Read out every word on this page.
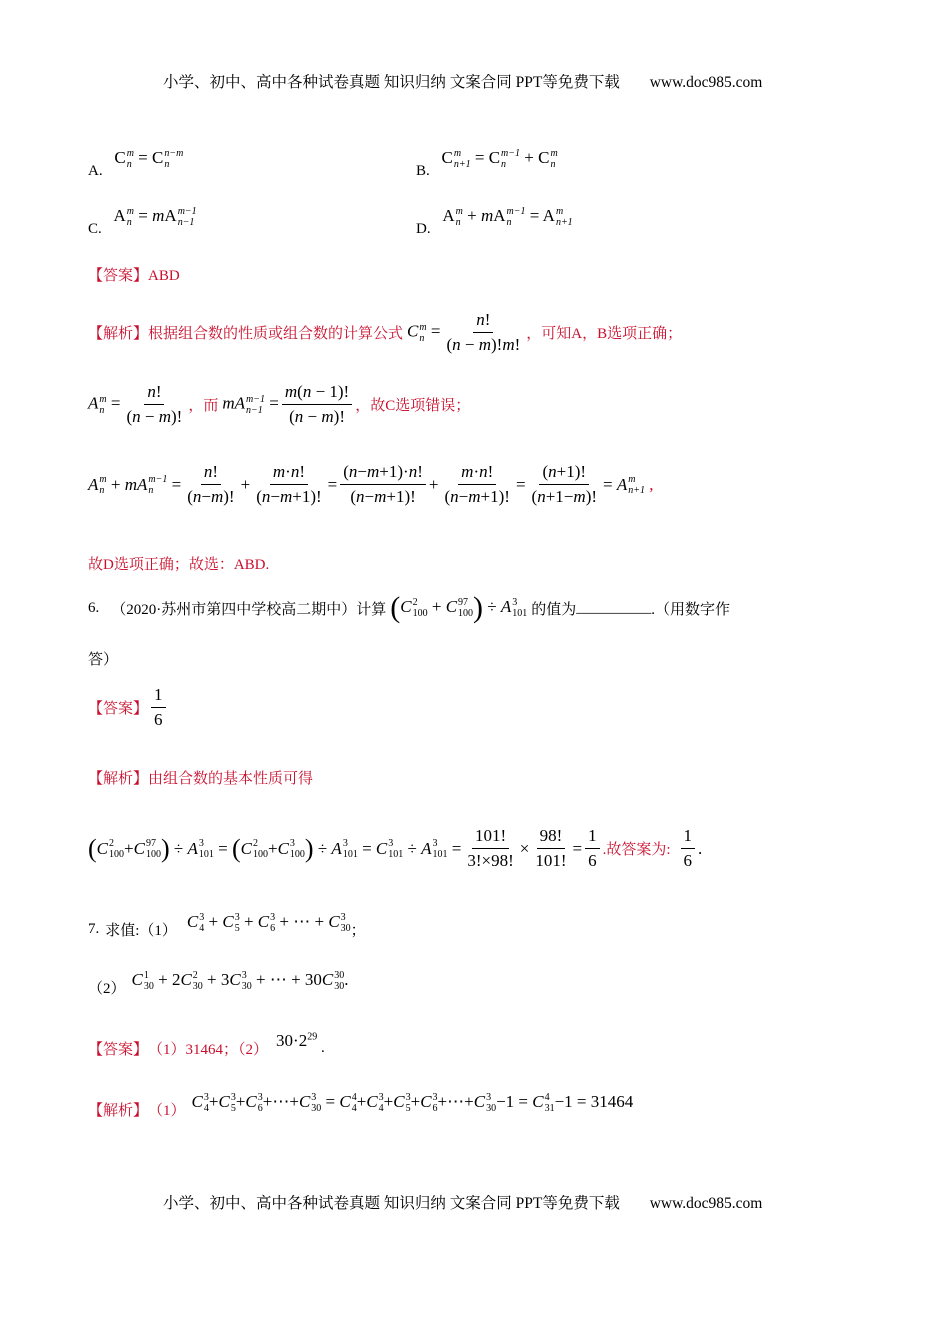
小学、初中、高中各种试卷真题 知识归纳 文案合同 PPT等免费下载 www.doc985.com
A. C m
n = C n−m
n	B. C m
n+1 = C m−1
n + C m
n
C. A m
n = mA m−1
n−1	D. A m
n + mA m−1
n = A m
n+1
【答案】ABD
【解析】 根据组合数的性质或组合数的计算公式 C m
$n = \frac{n!}{(n - m)!m!}$ ，可知A，B选项正确；
A m
$n = \frac{n!}{(n - m)!}$ ，而 mA m−1
$n-1 = \frac{m(n - 1)!}{(n - m)!}$ ，故C选项错误；
A m
n + mA m−1
$n = \frac{n!}{(n-m)!} + \frac{m\cdot n!}{(n-m+1)!} = \frac{(n-m+1)\cdot n!}{(n-m+1)!} + \frac{m\cdot n!}{(n-m+1)!} = \frac{(n+1)!}{(n+1-m)!} = A$ m
n+1 ,
故D选项正确；故选：ABD.
6. （2020·苏州市第四中学校高二期中）计算 (C 2
100 + C 97
100 ) ÷ A 3
101 的值为 __________ .（用数字作
答）
【答案】 $\frac{1}{6}$
【解析】由组合数的基本性质可得
( C 2
100 + C 97
100 ) ÷ A 3
101 = ( C 2
100 + C 3
100 ) ÷ A 3
101 = C 3
101 ÷ A 3
$101 = \frac{101!}{3!\times 98!} \times \frac{98!}{101!} = \frac{1}{6}$ .故答案为: $\frac{1}{6}$ .
7. 求值:（1） C 3
4 + C 3
5 + C 3
6 + ⋯ + C 3
30 ；
（2） C 1
30 + 2C 2
30 + 3C 3
30 + ⋯ + 30C 30
30 .
【答案】 （1）31464；（2）
$30\cdot 2^{29}$
.
【解析】 （1） C 3
4 +C 3
5 +C 3
6 +⋯+C 3
30 = C 4
4 +C 3
4 +C 3
5 +C 3
6 +⋯+C 3
30 −1 = C 4
31 −1 = 31464
小学、初中、高中各种试卷真题 知识归纳 文案合同 PPT等免费下载 www.doc985.com
